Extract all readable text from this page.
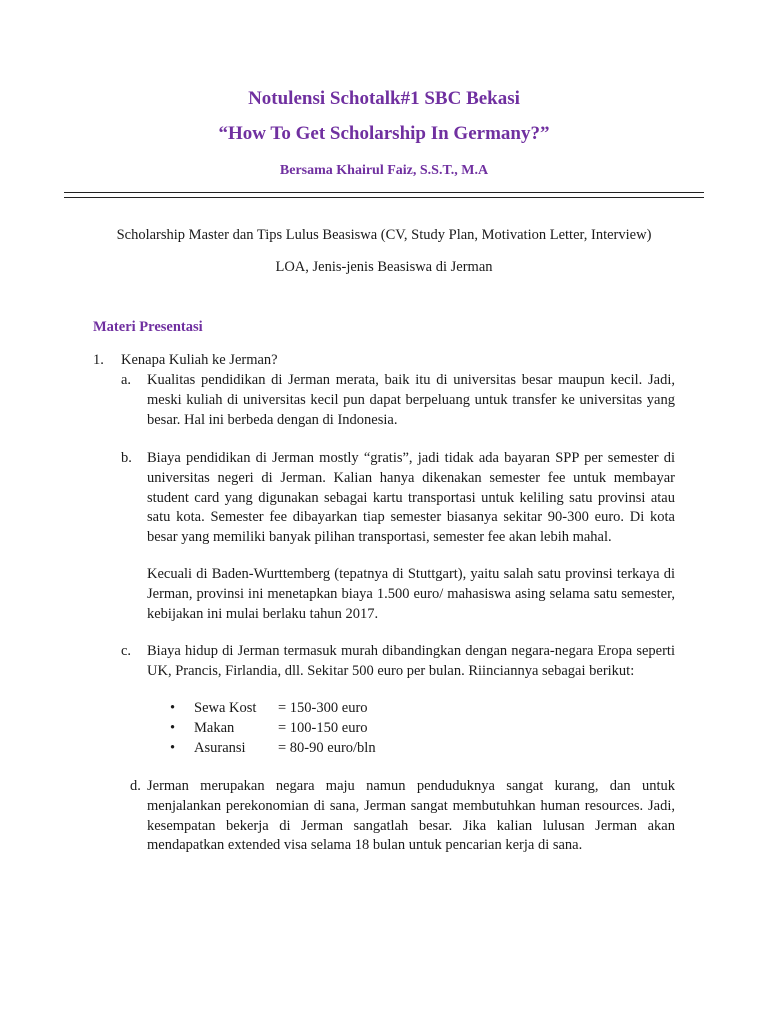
Notulensi Schotalk#1 SBC Bekasi
“How To Get Scholarship In Germany?”
Bersama Khairul Faiz, S.S.T., M.A
Scholarship Master dan Tips Lulus Beasiswa (CV, Study Plan, Motivation Letter, Interview)
LOA, Jenis-jenis Beasiswa di Jerman
Materi Presentasi
1. Kenapa Kuliah ke Jerman?
a. Kualitas pendidikan di Jerman merata, baik itu di universitas besar maupun kecil. Jadi, meski kuliah di universitas kecil pun dapat berpeluang untuk transfer ke universitas yang besar. Hal ini berbeda dengan di Indonesia.
b. Biaya pendidikan di Jerman mostly “gratis”, jadi tidak ada bayaran SPP per semester di universitas negeri di Jerman. Kalian hanya dikenakan semester fee untuk membayar student card yang digunakan sebagai kartu transportasi untuk keliling satu provinsi atau satu kota. Semester fee dibayarkan tiap semester biasanya sekitar 90-300 euro. Di kota besar yang memiliki banyak pilihan transportasi, semester fee akan lebih mahal.
Kecuali di Baden-Wurttemberg (tepatnya di Stuttgart), yaitu salah satu provinsi terkaya di Jerman, provinsi ini menetapkan biaya 1.500 euro/ mahasiswa asing selama satu semester, kebijakan ini mulai berlaku tahun 2017.
c. Biaya hidup di Jerman termasuk murah dibandingkan dengan negara-negara Eropa seperti UK, Prancis, Firlandia, dll. Sekitar 500 euro per bulan. Riinciannya sebagai berikut:
•	Sewa Kost	= 150-300 euro
•	Makan	= 100-150 euro
•	Asuransi	= 80-90 euro/bln
d. Jerman merupakan negara maju namun penduduknya sangat kurang, dan untuk menjalankan perekonomian di sana, Jerman sangat membutuhkan human resources. Jadi, kesempatan bekerja di Jerman sangatlah besar. Jika kalian lulusan Jerman akan mendapatkan extended visa selama 18 bulan untuk pencarian kerja di sana.
